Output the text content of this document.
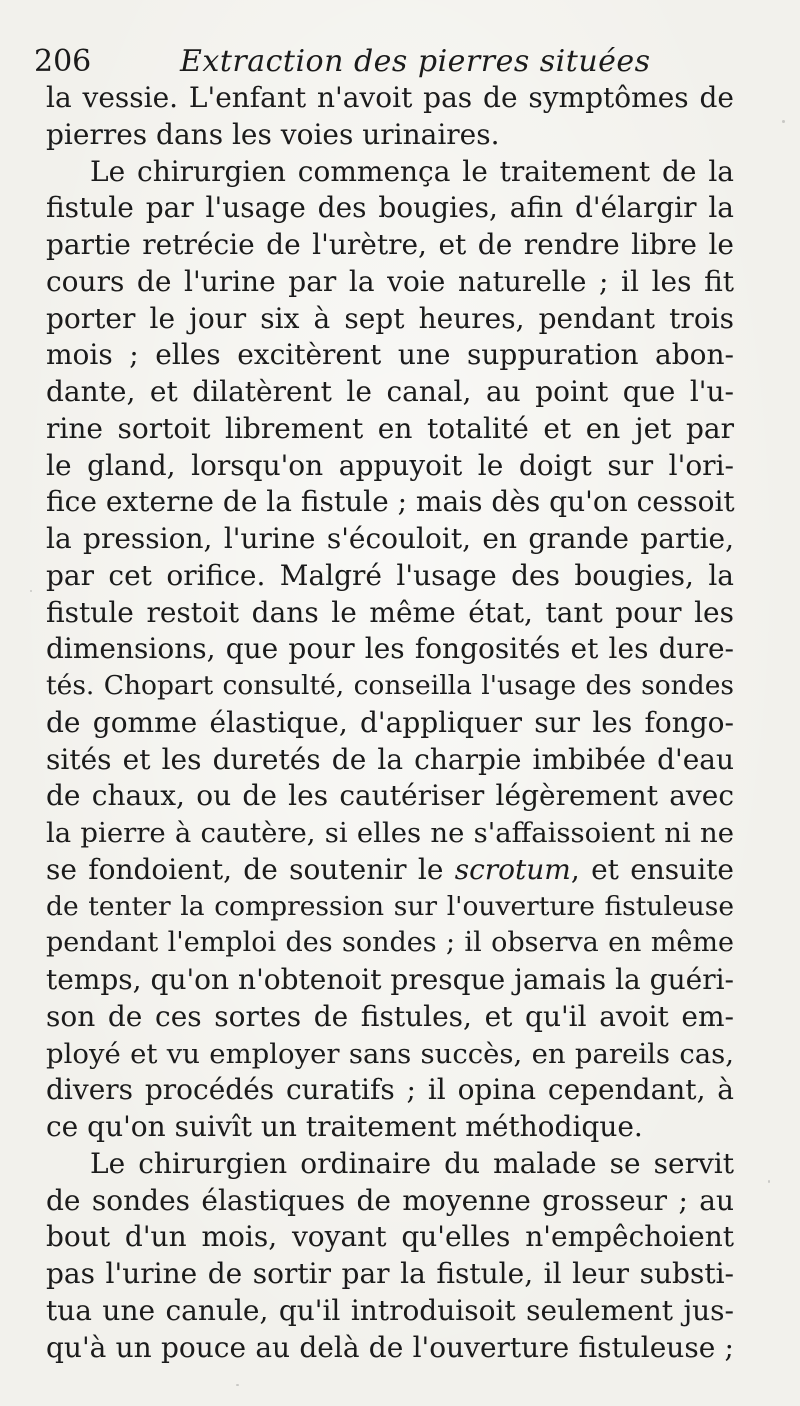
206	Extraction des pierres situées
la vessie. L'enfant n'avoit pas de symptômes de
pierres dans les voies urinaires.
Le chirurgien commença le traitement de la
fistule par l'usage des bougies, afin d'élargir la
partie retrécie de l'urètre, et de rendre libre le
cours de l'urine par la voie naturelle ; il les fit
porter le jour six à sept heures, pendant trois
mois ; elles excitèrent une suppuration abon-
dante, et dilatèrent le canal, au point que l'u-
rine sortoit librement en totalité et en jet par
le gland, lorsqu'on appuyoit le doigt sur l'ori-
fice externe de la fistule ; mais dès qu'on cessoit
la pression, l'urine s'écouloit, en grande partie,
par cet orifice. Malgré l'usage des bougies, la
fistule restoit dans le même état, tant pour les
dimensions, que pour les fongosités et les dure-
tés. Chopart consulté, conseilla l'usage des sondes
de gomme élastique, d'appliquer sur les fongo-
sités et les duretés de la charpie imbibée d'eau
de chaux, ou de les cautériser légèrement avec
la pierre à cautère, si elles ne s'affaissoient ni ne
se fondoient, de soutenir le scrotum, et ensuite
de tenter la compression sur l'ouverture fistuleuse
pendant l'emploi des sondes ; il observa en même
temps, qu'on n'obtenoit presque jamais la guéri-
son de ces sortes de fistules, et qu'il avoit em-
ployé et vu employer sans succès, en pareils cas,
divers procédés curatifs ; il opina cependant, à
ce qu'on suivît un traitement méthodique.
Le chirurgien ordinaire du malade se servit
de sondes élastiques de moyenne grosseur ; au
bout d'un mois, voyant qu'elles n'empêchoient
pas l'urine de sortir par la fistule, il leur substi-
tua une canule, qu'il introduisoit seulement jus-
qu'à un pouce au delà de l'ouverture fistuleuse ;
